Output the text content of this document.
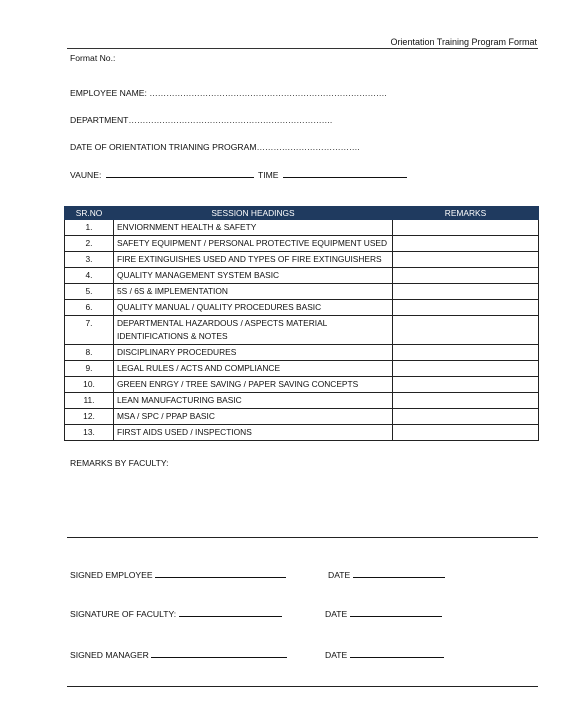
Orientation Training Program Format
Format No.:
EMPLOYEE NAME: ………………………………………………………………………….
DEPARTMENT……………………………………………………………….
DATE OF ORIENTATION TRIANING PROGRAM……………………………….
VAUNE:	TIME
SR.NO	SESSION HEADINGS	REMARKS
1.	ENVIORNMENT HEALTH & SAFETY	
2.	SAFETY EQUIPMENT / PERSONAL PROTECTIVE EQUIPMENT USED	
3.	FIRE EXTINGUISHES USED AND TYPES OF FIRE EXTINGUISHERS	
4.	QUALITY MANAGEMENT SYSTEM BASIC	
5.	5S / 6S & IMPLEMENTATION	
6.	QUALITY MANUAL / QUALITY PROCEDURES BASIC	
7.	DEPARTMENTAL HAZARDOUS / ASPECTS MATERIAL IDENTIFICATIONS & NOTES	
8.	DISCIPLINARY PROCEDURES	
9.	LEGAL RULES / ACTS AND COMPLIANCE	
10.	GREEN ENRGY / TREE SAVING / PAPER SAVING CONCEPTS	
11.	LEAN MANUFACTURING BASIC	
12.	MSA / SPC / PPAP BASIC	
13.	FIRST AIDS USED / INSPECTIONS	
REMARKS BY FACULTY:
SIGNED EMPLOYEE	DATE
SIGNATURE OF FACULTY:	DATE
SIGNED MANAGER	DATE
